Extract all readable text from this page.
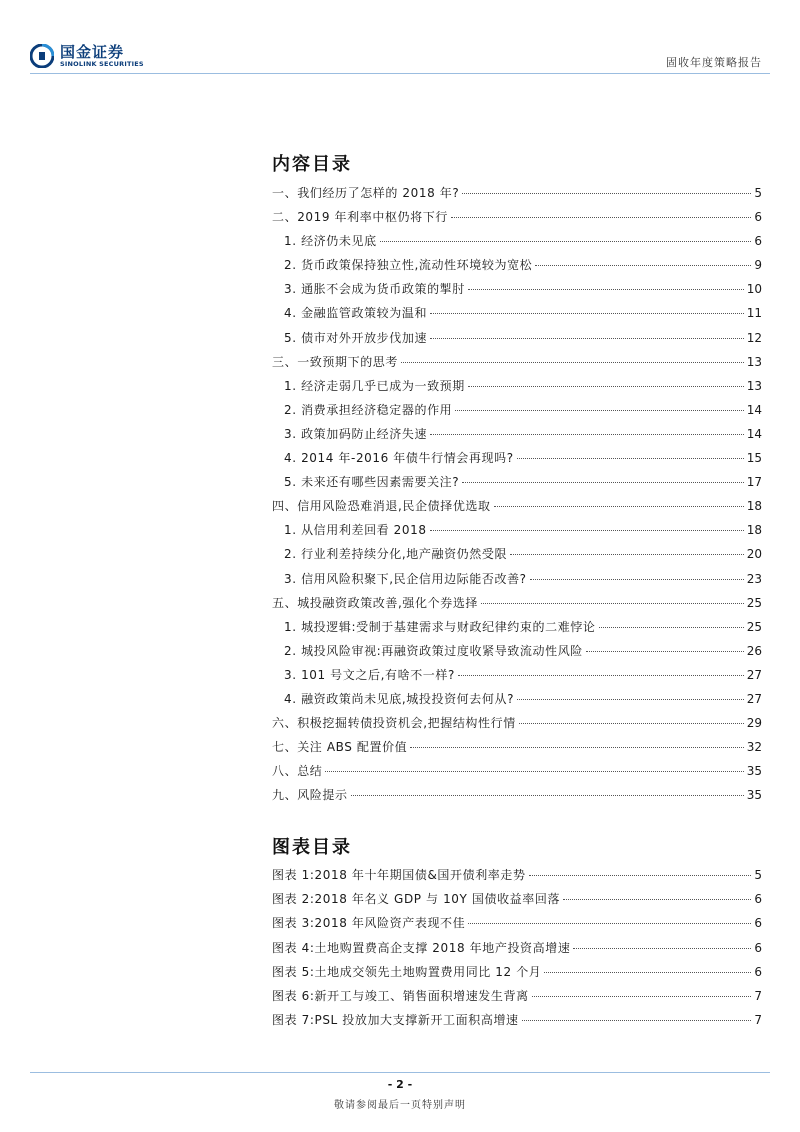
国金证券
SINOLINK SECURITIES	固收年度策略报告
内容目录
一、我们经历了怎样的 2018 年?	5
二、2019 年利率中枢仍将下行	6
1. 经济仍未见底	6
2. 货币政策保持独立性,流动性环境较为宽松	9
3. 通胀不会成为货币政策的掣肘	10
4. 金融监管政策较为温和	11
5. 债市对外开放步伐加速	12
三、一致预期下的思考	13
1. 经济走弱几乎已成为一致预期	13
2. 消费承担经济稳定器的作用	14
3. 政策加码防止经济失速	14
4. 2014 年-2016 年债牛行情会再现吗?	15
5. 未来还有哪些因素需要关注?	17
四、信用风险恐难消退,民企债择优选取	18
1. 从信用利差回看 2018	18
2. 行业利差持续分化,地产融资仍然受限	20
3. 信用风险积聚下,民企信用边际能否改善?	23
五、城投融资政策改善,强化个券选择	25
1. 城投逻辑:受制于基建需求与财政纪律约束的二难悖论	25
2. 城投风险审视:再融资政策过度收紧导致流动性风险	26
3. 101 号文之后,有啥不一样?	27
4. 融资政策尚未见底,城投投资何去何从?	27
六、积极挖掘转债投资机会,把握结构性行情	29
七、关注 ABS 配置价值	32
八、总结	35
九、风险提示	35
图表目录
图表 1:2018 年十年期国债&国开债利率走势	5
图表 2:2018 年名义 GDP 与 10Y 国债收益率回落	6
图表 3:2018 年风险资产表现不佳	6
图表 4:土地购置费高企支撑 2018 年地产投资高增速	6
图表 5:土地成交领先土地购置费用同比 12 个月	6
图表 6:新开工与竣工、销售面积增速发生背离	7
图表 7:PSL 投放加大支撑新开工面积高增速	7
- 2 -
敬请参阅最后一页特别声明
